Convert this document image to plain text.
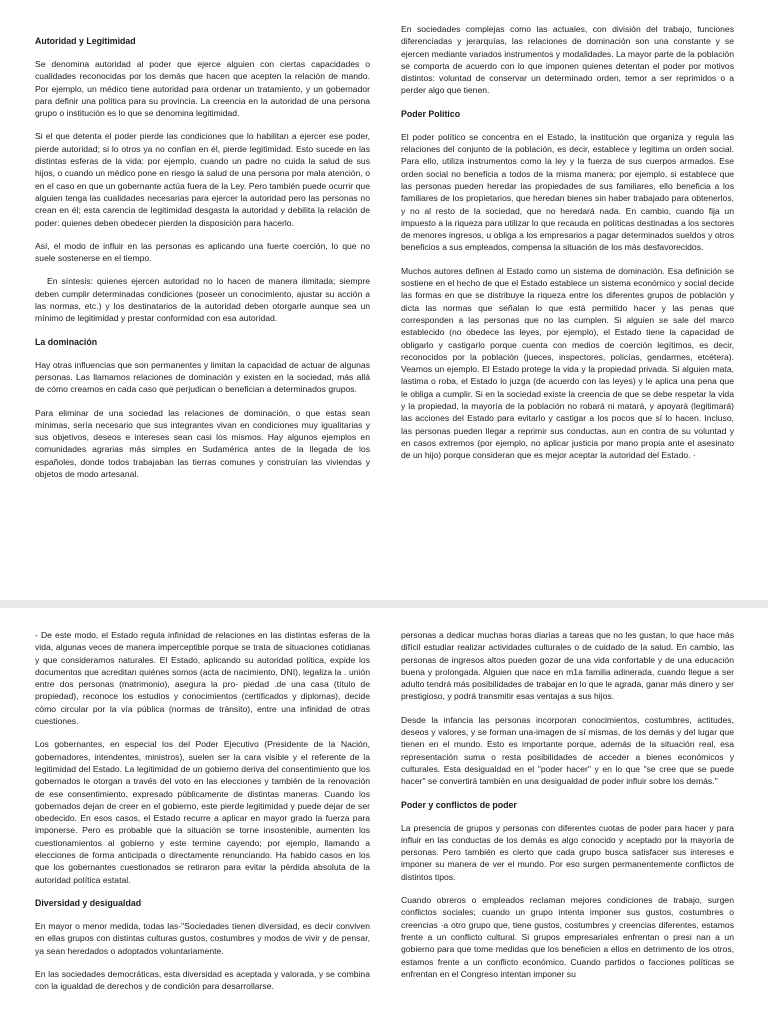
Autoridad y Legitimidad

Se denomina autoridad al poder que ejerce alguien con ciertas capacidades o cualidades reconocidas por los demás que hacen que acepten la relación de mando. Por ejemplo, un médico tiene autoridad para ordenar un tratamiento, y un gobernador para definir una política para su provincia. La creencia en la autoridad de una persona grupo o institución es lo que se denomina legitimidad.

Si el que detenta el poder pierde las condiciones que lo habilitan a ejercer ese poder, pierde autoridad; si lo otros ya no confían en él, pierde legitimidad. Esto sucede en las distintas esferas de la vida: por ejemplo, cuando un padre no cuida la salud de sus hijos, o cuando un médico pone en riesgo la salud de una persona por mala atención, o en el caso en que un gobernante actúa fuera de la Ley. Pero también puede ocurrir que alguien tenga las cualidades necesarias para ejercer la autoridad pero las personas no crean en él; esta carencia de legitimidad desgasta la autoridad y debilita la relación de poder: quienes deben obedecer pierden la disposición para hacerlo.

Así, el modo de influir en las personas es aplicando una fuerte coerción, lo que no suele sostenerse en el tiempo.

En síntesis: quienes ejercen autoridad no lo hacen de manera ilimitada; siempre deben cumplir determinadas condiciones (poseer un conocimiento, ajustar su acción a las normas, etc.) y los destinatarios de la autoridad deben otorgarle aunque sea un mínimo de legitimidad y prestar conformidad con esa autoridad.

La dominación

Hay otras influencias que son permanentes y limitan la capacidad de actuar de algunas personas. Las llamamos relaciones de dominación y existen en la sociedad, más allá de cómo creamos en cada caso que perjudican o benefician a determinados grupos.

Para eliminar de una sociedad las relaciones de dominación, o que estas sean mínimas, sería necesario que sus integrantes vivan en condiciones muy igualitarias y sus objetivos, deseos e intereses sean casi los mismos. Hay algunos ejemplos en comunidades agrarias más simples en Sudamérica antes de la llegada de los españoles, donde todos trabajaban las tierras comunes y construían las viviendas y objetos de modo artesanal.

En sociedades complejas como las actuales, con división del trabajo, funciones diferenciadas y jerarquías, las relaciones de dominación son una constante y se ejercen mediante variados instrumentos y modalidades. La mayor parte de la población se comporta de acuerdo con lo que imponen quienes detentan el poder por motivos distintos: voluntad de conservar un determinado orden, temor a ser reprimidos o a perder algo que tienen.

Poder Político

El poder político se concentra en el Estado, la institución que organiza y regula las relaciones del conjunto de la población, es decir, establece y legitima un orden social. Para ello, utiliza instrumentos como la ley y la fuerza de sus cuerpos armados. Ese orden social no beneficia a todos de la misma manera; por ejemplo, si establece que las personas pueden heredar las propiedades de sus familiares, ello beneficia a los familiares de los propietarios, que heredan bienes sin haber trabajado para obtenerlos, y no al resto de la sociedad, que no heredará nada. En cambio, cuando fija un impuesto a la riqueza para utilizar lo que recauda en políticas destinadas a los sectores de menores ingresos, u obliga a los empresarios a pagar determinados sueldos y otros beneficios a sus empleados, compensa la situación de los más desfavorecidos.

Muchos autores definen al Estado como un sistema de dominación. Esa definición se sostiene en el hecho de que el Estado establece un sistema económico y social decide las formas en que se distribuye la riqueza entre los diferentes grupos de población y dicta las normas que señalan lo que está permitido hacer y las penas que corresponden a las personas que no las cumplen. Si alguien se sale del marco establecido (no obedece las leyes, por ejemplo), el Estado tiene la capacidad de obligarlo y castigarlo porque cuenta con medios de coerción legítimos, es decir, reconocidos por la población (jueces, inspectores, policías, gendarmes, etcétera). Veamos un ejemplo. El Estado protege la vida y la propiedad privada. Si alguien mata, lastima o roba, el Estado lo juzga (de acuerdo con las leyes) y le aplica una pena que le obliga a cumplir. Si en la sociedad existe la creencia de que se debe respetar la vida y la propiedad, la mayoría de la población no robará ni matará, y apoyará (legitimará) las acciones del Estado para evitarlo y castigar a los pocos que sí lo hacen. Incluso, las personas pueden llegar a reprimir sus conductas, aun en contra de su voluntad y en casos extremos (por ejemplo, no aplicar justicia por mano propia ante el asesinato de un hijo) porque consideran que es mejor aceptar la autoridad del Estado. ·

- De este modo, el Estado regula infinidad de relaciones en las distintas esferas de la vida, algunas veces de manera imperceptible porque se trata de situaciones cotidianas y que consideramos naturales. El Estado, aplicando su autoridad política, expide los documentos que acreditan quiénes somos (acta de nacimiento, DNI), legaliza la . unión entre dos personas (matrimonio), asegura la pro- piedad .de una casa (título de propiedad), reconoce los estudios y conocimientos (certificados y diplomas), decide cómo circular por la vía pública (normas de tránsito), entre una infinidad de otras cuestiones.

Los gobernantes, en especial los del Poder Ejecutivo (Presidente de la Nación, gobernadores, intendentes, ministros), suelen ser la cara visible y el referente de la legitimidad del Estado. La legitimidad de un gobierno deriva del consentimiento que los gobernados le otorgan a través del voto en las elecciones y también de la renovación de ese consentimiento, expresado públicamente de distintas maneras. Cuando los gobernados dejan de creer en el gobierno, este pierde legitimidad y puede dejar de ser obedecido. En esos casos, el Estado recurre a aplicar en mayor grado la fuerza para imponerse. Pero es probable que la situación se torne insostenible, aumenten los cuestionamientos al gobierno y este termine cayendo; por ejemplo, llamando a elecciones de forma anticipada o directamente renunciando. Ha habido casos en los que los gobernantes cuestionados se retiraron para evitar la pérdida absoluta de la autoridad política estatal.

Diversidad y desigualdad

En mayor o menor medida, todas las-"Sociedades tienen diversidad, es decir conviven en ellas grupos con distintas culturas gustos, costumbres y modos de vivir y de pensar, ya sean heredados o adoptados voluntariamente.

En las sociedades democráticas, esta diversidad es aceptada y valorada, y se combina con la igualdad de derechos y de condición para desarrollarse.

personas a dedicar muchas horas diarias a tareas que no les gustan, lo que hace más difícil estudiar realizar actividades culturales o de cuidado de la salud. En cambio, las personas de ingresos altos pueden gozar de una vida confortable y de una educación buena y prolongada. Alguien que nace en m1a familia adinerada, cuando llegue a ser adulto tendrá más posibilidades de trabajar en lo que le agrada, ganar más dinero y ser prestigioso, y podrá transmitir esas ventajas a sus hijos.

Desde la infancia las personas incorporan conocimientos, costumbres, actitudes, deseos y valores, y se forman una-imagen de sí mismas, de los demás y del lugar que tienen en el mundo. Esto es importante porque, además de la situación real, esa representación suma o resta posibilidades de acceder a bienes económicos y culturales. Esta desigualdad en el "poder hacer" y en lo que "se cree que se puede hacer" se convertirá también en una desigualdad de poder influir sobre los demás."

Poder y conflictos de poder

La presencia de grupos y personas con diferentes cuotas de poder para hacer y para influir en las conductas de los demás es algo conocido y aceptado por la mayoría de personas. Pero también es cierto que cada grupo busca satisfacer sus intereses e imponer su manera de ver el mundo. Por eso surgen permanentemente conflictos de distintos tipos.

Cuando obreros o empleados reclaman mejores condiciones de trabajo, surgen conflictos sociales; cuando un grupo intenta imponer sus gustos, costumbres o creencias ·a otro grupo que, tiene gustos, costumbres y creencias diferentes, estamos frente a un conflicto cultural. Si grupos empresariales enfrentan o presi nan a un gobierno para que tome medidas que los beneficien a ellos en detrimento de los otros, estamos frente a un conflicto económico. Cuando partidos o facciones políticas se enfrentan en el Congreso intentan imponer su
